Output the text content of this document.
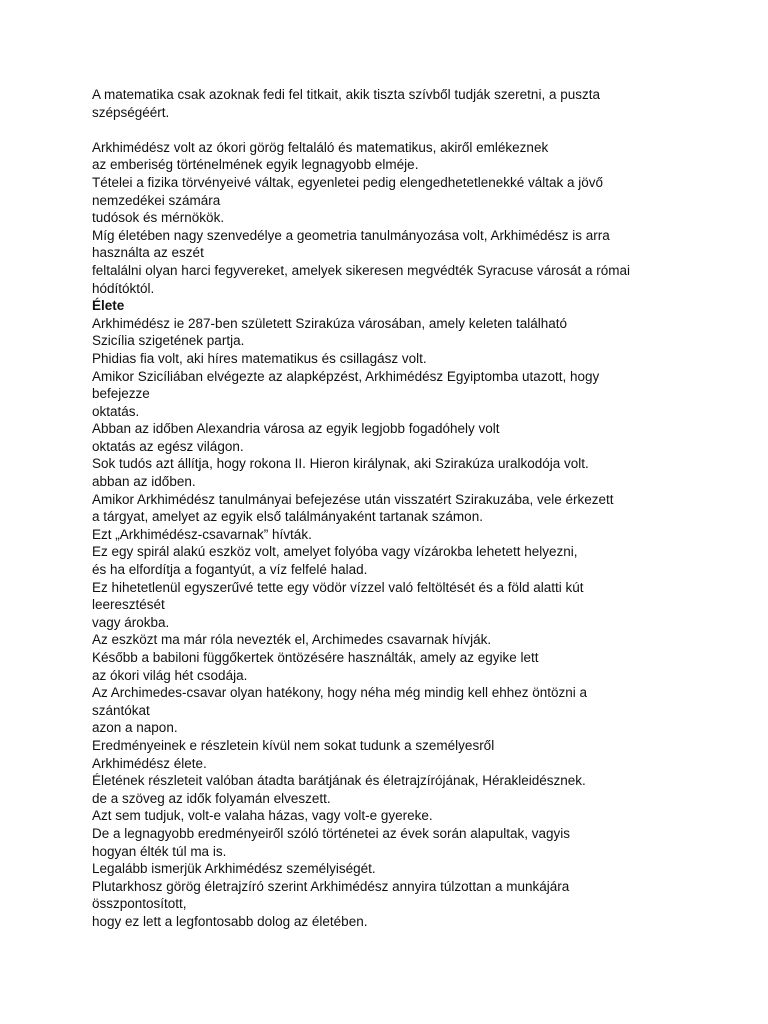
A matematika csak azoknak fedi fel titkait, akik tiszta szívből tudják szeretni, a puszta
szépségéért.

Arkhimédész volt az ókori görög feltaláló és matematikus, akiről emlékeznek
az emberiség történelmének egyik legnagyobb elméje.
Tételei a fizika törvényeivé váltak, egyenletei pedig elengedhetetlenekké váltak a jövő
nemzedékei számára
tudósok és mérnökök.
Míg életében nagy szenvedélye a geometria tanulmányozása volt, Arkhimédész is arra
használta az eszét
feltalálni olyan harci fegyvereket, amelyek sikeresen megvédték Syracuse városát a római
hódítóktól.

Élete

Arkhimédész ie 287-ben született Szirakúza városában, amely keleten található
Szicília szigetének partja.
Phidias fia volt, aki híres matematikus és csillagász volt.
Amikor Szicíliában elvégezte az alapképzést, Arkhimédész Egyiptomba utazott, hogy
befejezze
oktatás.
Abban az időben Alexandria városa az egyik legjobb fogadóhely volt
oktatás az egész világon.
Sok tudós azt állítja, hogy rokona II. Hieron királynak, aki Szirakúza uralkodója volt.
abban az időben.
Amikor Arkhimédész tanulmányai befejezése után visszatért Szirakuzába, vele érkezett
a tárgyat, amelyet az egyik első találmányaként tartanak számon.
Ezt „Arkhimédész-csavarnak” hívták.
Ez egy spirál alakú eszköz volt, amelyet folyóba vagy vízárokba lehetett helyezni,
és ha elfordítja a fogantyút, a víz felfelé halad.
Ez hihetetlenül egyszerűvé tette egy vödör vízzel való feltöltését és a föld alatti kút
leeresztését
vagy árokba.
Az eszközt ma már róla nevezték el, Archimedes csavarnak hívják.
Később a babiloni függőkertek öntözésére használták, amely az egyike lett
az ókori világ hét csodája.
Az Archimedes-csavar olyan hatékony, hogy néha még mindig kell ehhez öntözni a
szántókat
azon a napon.
Eredményeinek e részletein kívül nem sokat tudunk a személyesről
Arkhimédész élete.
Életének részleteit valóban átadta barátjának és életrajzírójának, Hérakleidésznek.
de a szöveg az idők folyamán elveszett.
Azt sem tudjuk, volt-e valaha házas, vagy volt-e gyereke.
De a legnagyobb eredményeiről szóló történetei az évek során alapultak, vagyis
hogyan élték túl ma is.
Legalább ismerjük Arkhimédész személyiségét.
Plutarkhosz görög életrajzíró szerint Arkhimédész annyira túlzottan a munkájára
összpontosított,
hogy ez lett a legfontosabb dolog az életében.
